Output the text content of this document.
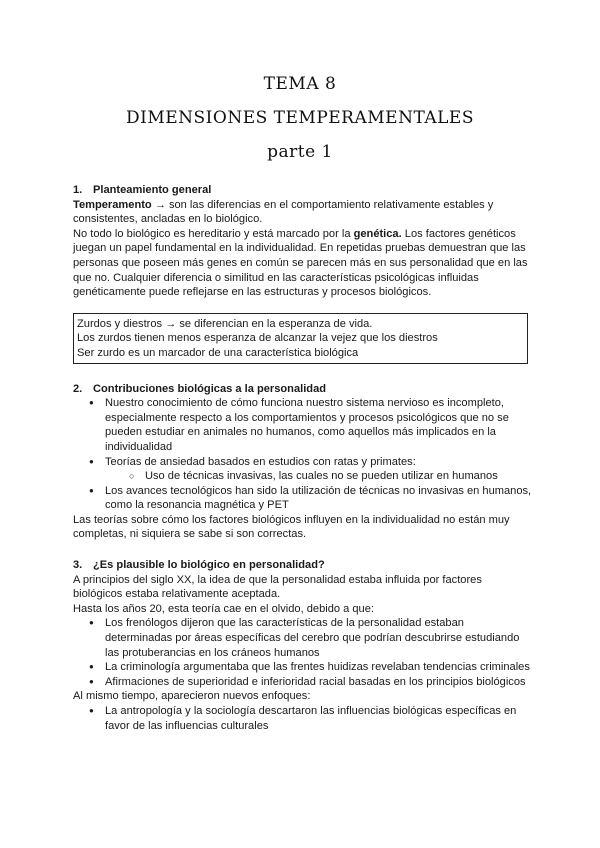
TEMA 8
DIMENSIONES TEMPERAMENTALES
parte 1

1. Planteamiento general

Temperamento → son las diferencias en el comportamiento relativamente estables y consistentes, ancladas en lo biológico.

No todo lo biológico es hereditario y está marcado por la genética. Los factores genéticos juegan un papel fundamental en la individualidad. En repetidas pruebas demuestran que las personas que poseen más genes en común se parecen más en sus personalidad que en las que no. Cualquier diferencia o similitud en las características psicológicas influidas genéticamente puede reflejarse en las estructuras y procesos biológicos.

Zurdos y diestros → se diferencian en la esperanza de vida.

Los zurdos tienen menos esperanza de alcanzar la vejez que los diestros

Ser zurdo es un marcador de una característica biológica

2. Contribuciones biológicas a la personalidad

● Nuestro conocimiento de cómo funciona nuestro sistema nervioso es incompleto, especialmente respecto a los comportamientos y procesos psicológicos que no se pueden estudiar en animales no humanos, como aquellos más implicados en la individualidad
● Teorías de ansiedad basados en estudios con ratas y primates:
○ Uso de técnicas invasivas, las cuales no se pueden utilizar en humanos
● Los avances tecnológicos han sido la utilización de técnicas no invasivas en humanos, como la resonancia magnética y PET

Las teorías sobre cómo los factores biológicos influyen en la individualidad no están muy completas, ni siquiera se sabe si son correctas.

3. ¿Es plausible lo biológico en personalidad?

A principios del siglo XX, la idea de que la personalidad estaba influida por factores biológicos estaba relativamente aceptada.

Hasta los años 20, esta teoría cae en el olvido, debido a que:

● Los frenólogos dijeron que las características de la personalidad estaban determinadas por áreas específicas del cerebro que podrían descubrirse estudiando las protuberancias en los cráneos humanos
● La criminología argumentaba que las frentes huidizas revelaban tendencias criminales
● Afirmaciones de superioridad e inferioridad racial basadas en los principios biológicos

Al mismo tiempo, aparecieron nuevos enfoques:

● La antropología y la sociología descartaron las influencias biológicas específicas en favor de las influencias culturales
